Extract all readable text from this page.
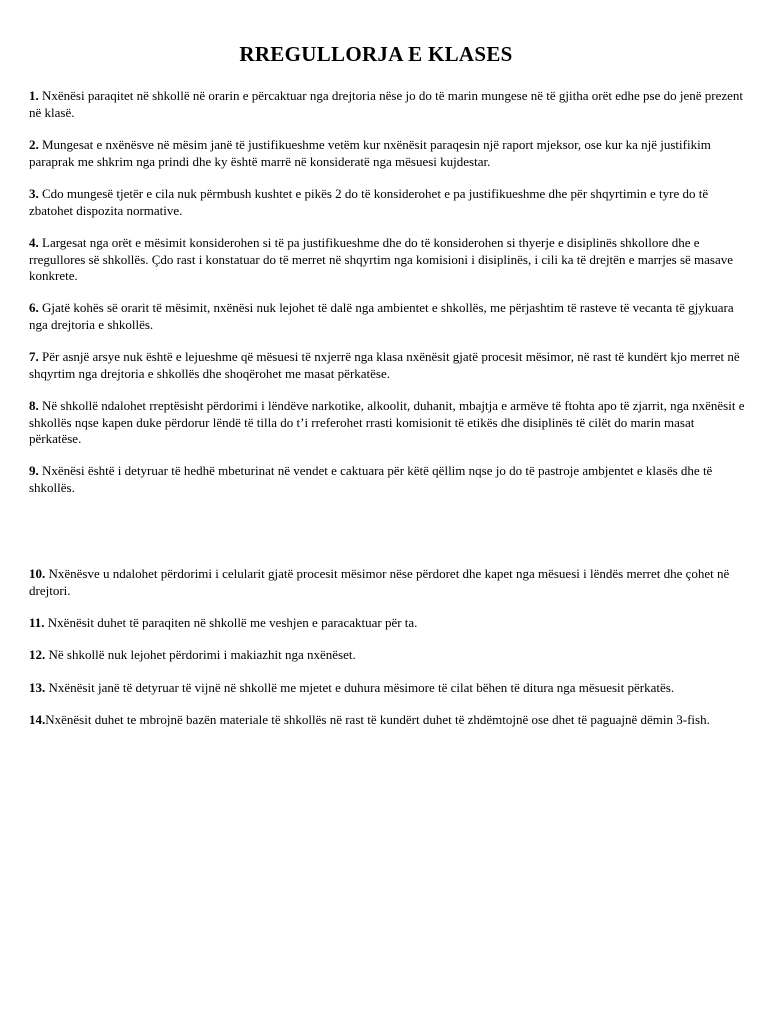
RREGULLORJA E KLASES

1. Nxënësi paraqitet në shkollë në orarin e përcaktuar nga drejtoria nëse jo do të marin mungese në të gjitha orët edhe pse do jenë prezent në klasë.

2. Mungesat e nxënësve në mësim janë të justifikueshme vetëm kur nxënësit paraqesin një raport mjeksor, ose kur ka një justifikim paraprak me shkrim nga prindi dhe ky është marrë në konsideratë nga mësuesi kujdestar.

3. Cdo mungesë tjetër e cila nuk përmbush kushtet e pikës 2 do të konsiderohet e pa justifikueshme dhe për shqyrtimin e tyre do të zbatohet dispozita normative.

4. Largesat nga orët e mësimit konsiderohen si të pa justifikueshme dhe do të konsiderohen si thyerje e disiplinës shkollore dhe e rregullores së shkollës. Çdo rast i konstatuar do të merret në shqyrtim nga komisioni i disiplinës, i cili ka të drejtën e marrjes së masave konkrete.

6. Gjatë kohës së orarit të mësimit, nxënësi nuk lejohet të dalë nga ambientet e shkollës, me përjashtim të rasteve të vecanta të gjykuara nga drejtoria e shkollës.

7. Për asnjë arsye nuk është e lejueshme që mësuesi të nxjerrë nga klasa nxënësit gjatë procesit mësimor, në rast të kundërt kjo merret në shqyrtim nga drejtoria e shkollës dhe shoqërohet me masat përkatëse.

8. Në shkollë ndalohet rreptësisht përdorimi i lëndëve narkotike, alkoolit, duhanit, mbajtja e armëve të ftohta apo të zjarrit, nga nxënësit e shkollës nqse kapen duke përdorur lëndë të tilla do t’i rreferohet rrasti komisionit të etikës dhe disiplinës të cilët do marin masat përkatëse.

9. Nxënësi është i detyruar të hedhë mbeturinat në vendet e caktuara për këtë qëllim nqse jo do të pastroje ambjentet e klasës dhe të shkollës.

10. Nxënësve u ndalohet përdorimi i celularit gjatë procesit mësimor nëse përdoret dhe kapet nga mësuesi i lëndës merret dhe çohet në drejtori.

11. Nxënësit duhet të paraqiten në shkollë me veshjen e paracaktuar për ta.

12. Në shkollë nuk lejohet përdorimi i makiazhit nga nxënëset.

13. Nxënësit janë të detyruar të vijnë në shkollë me mjetet e duhura mësimore të cilat bëhen të ditura nga mësuesit përkatës.

14.Nxënësit duhet te mbrojnë bazën materiale të shkollës në rast të kundërt duhet të zhdëmtojnë ose dhet të paguajnë dëmin 3-fish.
